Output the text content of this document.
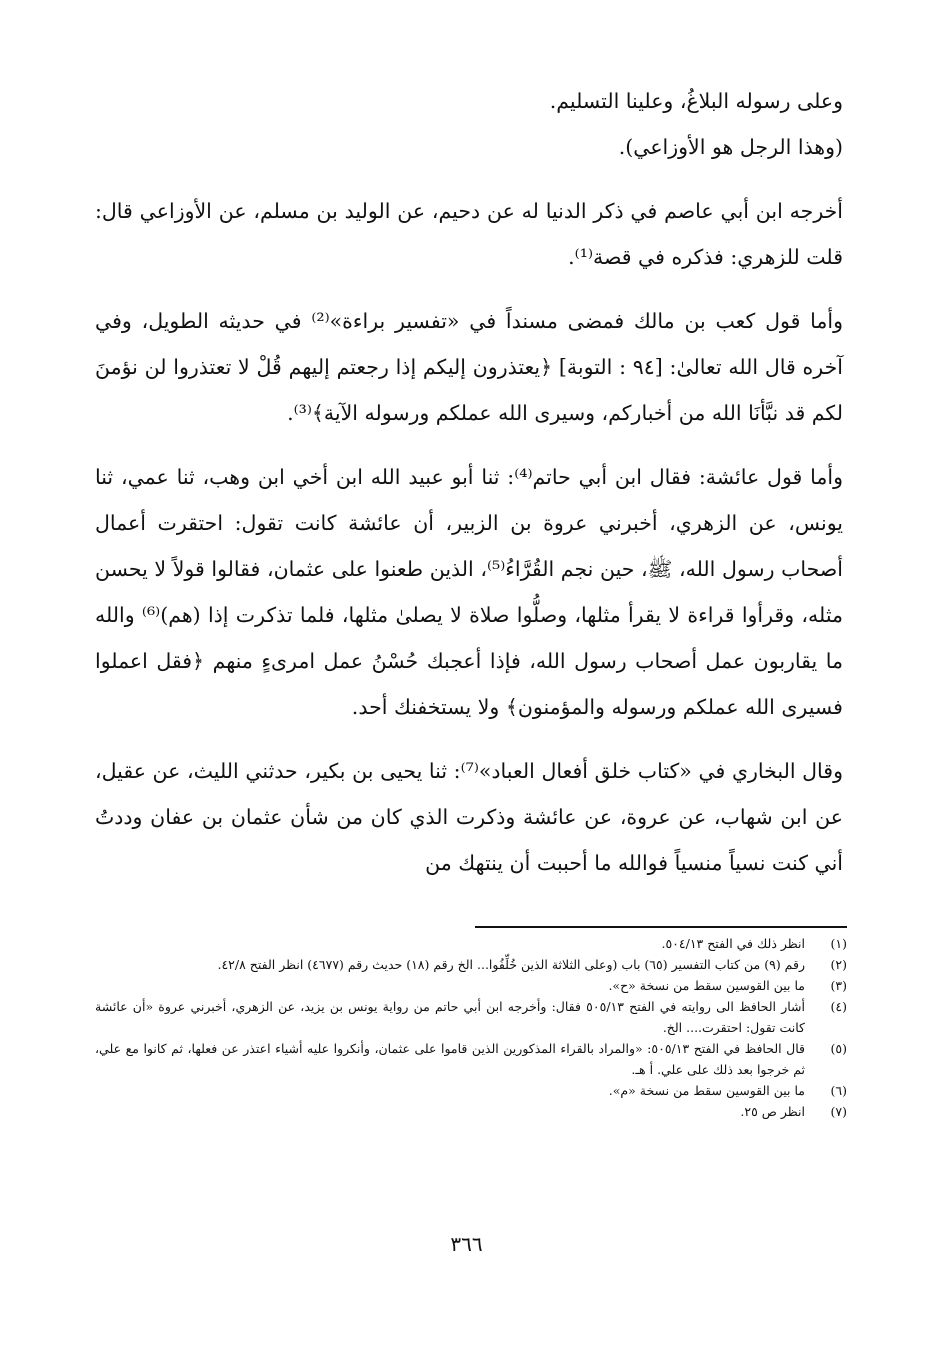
وعلى رسوله البلاغُ، وعلينا التسليم.
(وهذا الرجل هو الأوزاعي).

أخرجه ابن أبي عاصم في ذكر الدنيا له عن دحيم، عن الوليد بن مسلم، عن الأوزاعي قال: قلت للزهري: فذكره في قصة⁽¹⁾.

وأما قول كعب بن مالك فمضى مسنداً في «تفسير براءة»⁽²⁾ في حديثه الطويل، وفي آخره قال الله تعالىٰ: [٩٤ : التوبة] ﴿يعتذرون إليكم إذا رجعتم إليهم قُلْ لا تعتذروا لن نؤمنَ لكم قد نبَّأنَا الله من أخباركم، وسيرى الله عملكم ورسوله الآية﴾⁽³⁾.

وأما قول عائشة: فقال ابن أبي حاتم⁽⁴⁾: ثنا أبو عبيد الله ابن أخي ابن وهب، ثنا عمي، ثنا يونس، عن الزهري، أخبرني عروة بن الزبير، أن عائشة كانت تقول: احتقرت أعمال أصحاب رسول الله، ﷺ، حين نجم القُرَّاءُ⁽⁵⁾، الذين طعنوا على عثمان، فقالوا قولاً لا يحسن مثله، وقرأوا قراءة لا يقرأ مثلها، وصلُّوا صلاة لا يصلىٰ مثلها، فلما تذكرت إذا (هم)⁽⁶⁾ والله ما يقاربون عمل أصحاب رسول الله، فإذا أعجبك حُسْنُ عمل امرىءٍ منهم ﴿فقل اعملوا فسيرى الله عملكم ورسوله والمؤمنون﴾ ولا يستخفنك أحد.

وقال البخاري في «كتاب خلق أفعال العباد»⁽⁷⁾: ثنا يحيى بن بكير، حدثني الليث، عن عقيل، عن ابن شهاب، عن عروة، عن عائشة وذكرت الذي كان من شأن عثمان بن عفان وددتُ أني كنت نسياً منسياً فوالله ما أحببت أن ينتهك من

(١)
انظر ذلك في الفتح ٥٠٤/١٣.
(٢)
رقم (٩) من كتاب التفسير (٦٥) باب (وعلى الثلاثة الذين خُلِّفُوا... الخ رقم (١٨) حديث رقم (٤٦٧٧) انظر الفتح ٤٢/٨.
(٣)
ما بين القوسين سقط من نسخة «ح».
(٤)
أشار الحافظ الى روايته في الفتح ٥٠٥/١٣ فقال: وأخرجه ابن أبي حاتم من رواية يونس بن يزيد، عن الزهري، أخبرني عروة «أن عائشة كانت تقول: احتقرت.... الخ.
(٥)
قال الحافظ في الفتح ٥٠٥/١٣: «والمراد بالقراء المذكورين الذين قاموا على عثمان، وأنكروا عليه أشياء اعتذر عن فعلها، ثم كانوا مع علي، ثم خرجوا بعد ذلك على علي. أ هـ.
(٦)
ما بين القوسين سقط من نسخة «م».
(٧)
انظر ص ٢٥.
٣٦٦
